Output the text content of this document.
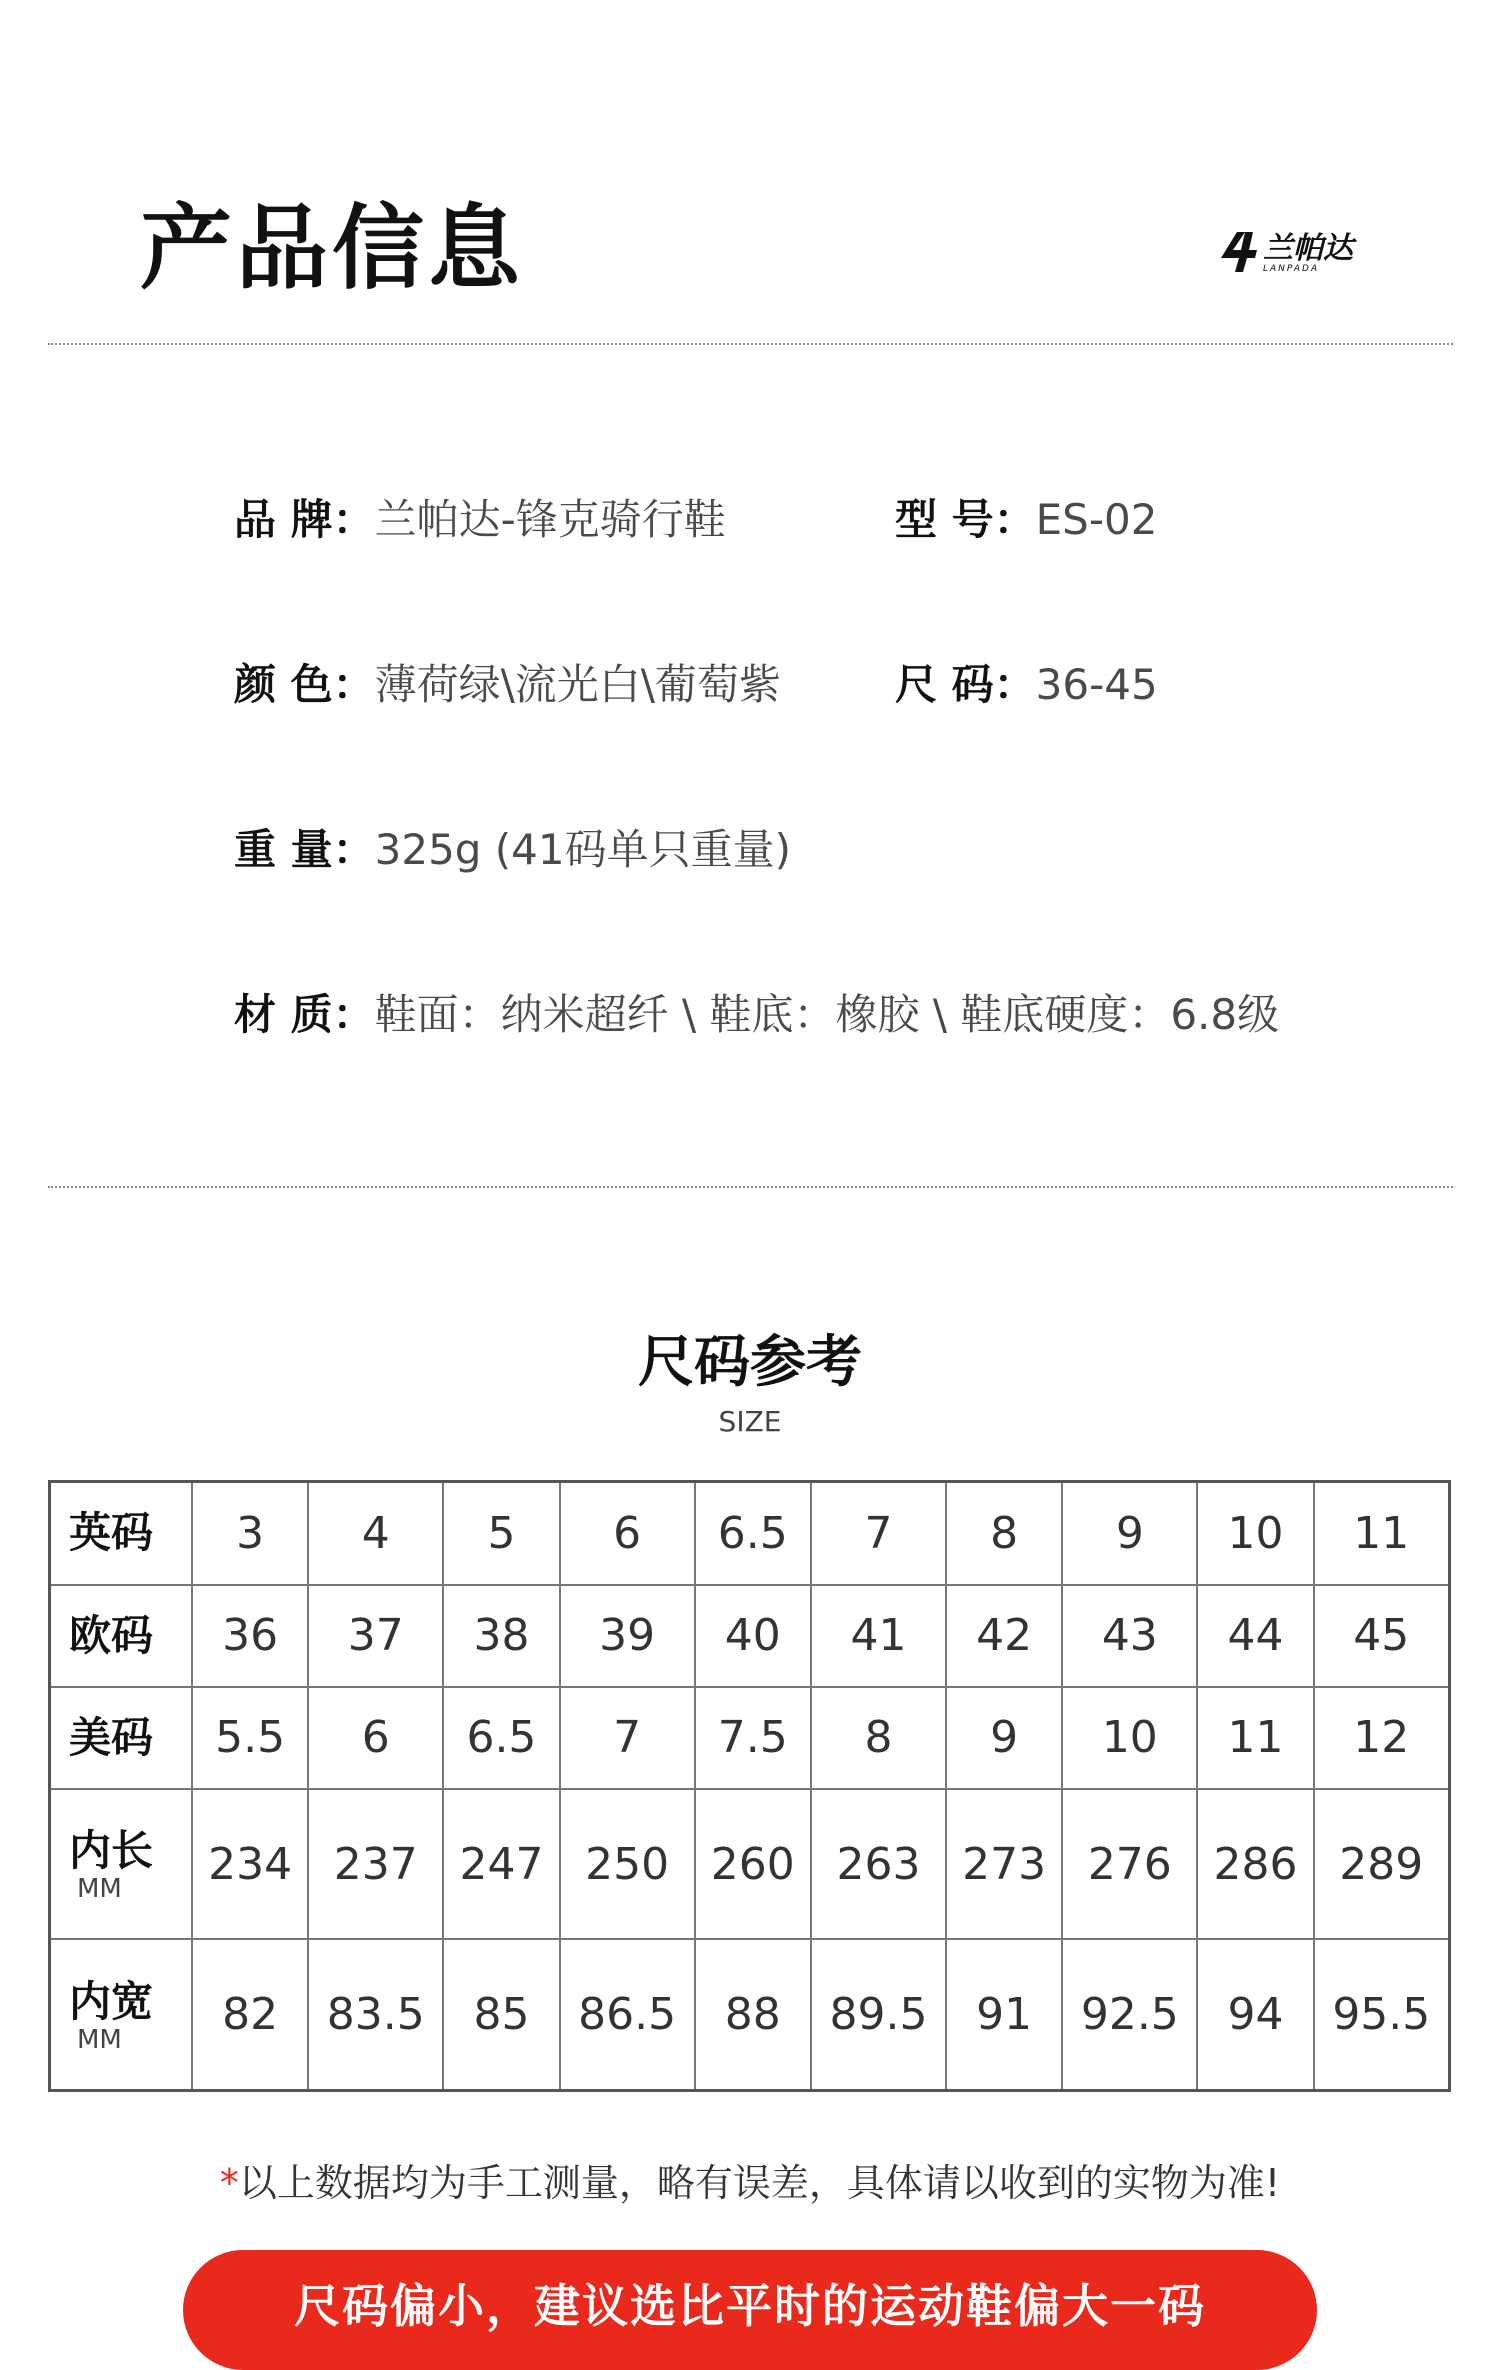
产品信息	兰帕达
LANPADA
品 牌：兰帕达-锋克骑行鞋	型 号：ES-02
颜 色：薄荷绿\流光白\葡萄紫	尺 码：36-45
重 量：325g (41码单只重量)
材 质：鞋面：纳米超纤 \ 鞋底：橡胶 \ 鞋底硬度：6.8级
尺码参考
SIZE
英码	3	4	5	6	6.5	7	8	9	10	11

欧码	36	37	38	39	40	41	42	43	44	45

美码	5.5	6	6.5	7	7.5	8	9	10	11	12

内长
MM	234	237	247	250	260	263	273	276	286	289

内宽
MM	82	83.5	85	86.5	88	89.5	91	92.5	94	95.5
*以上数据均为手工测量，略有误差，具体请以收到的实物为准!
尺码偏小，建议选比平时的运动鞋偏大一码
